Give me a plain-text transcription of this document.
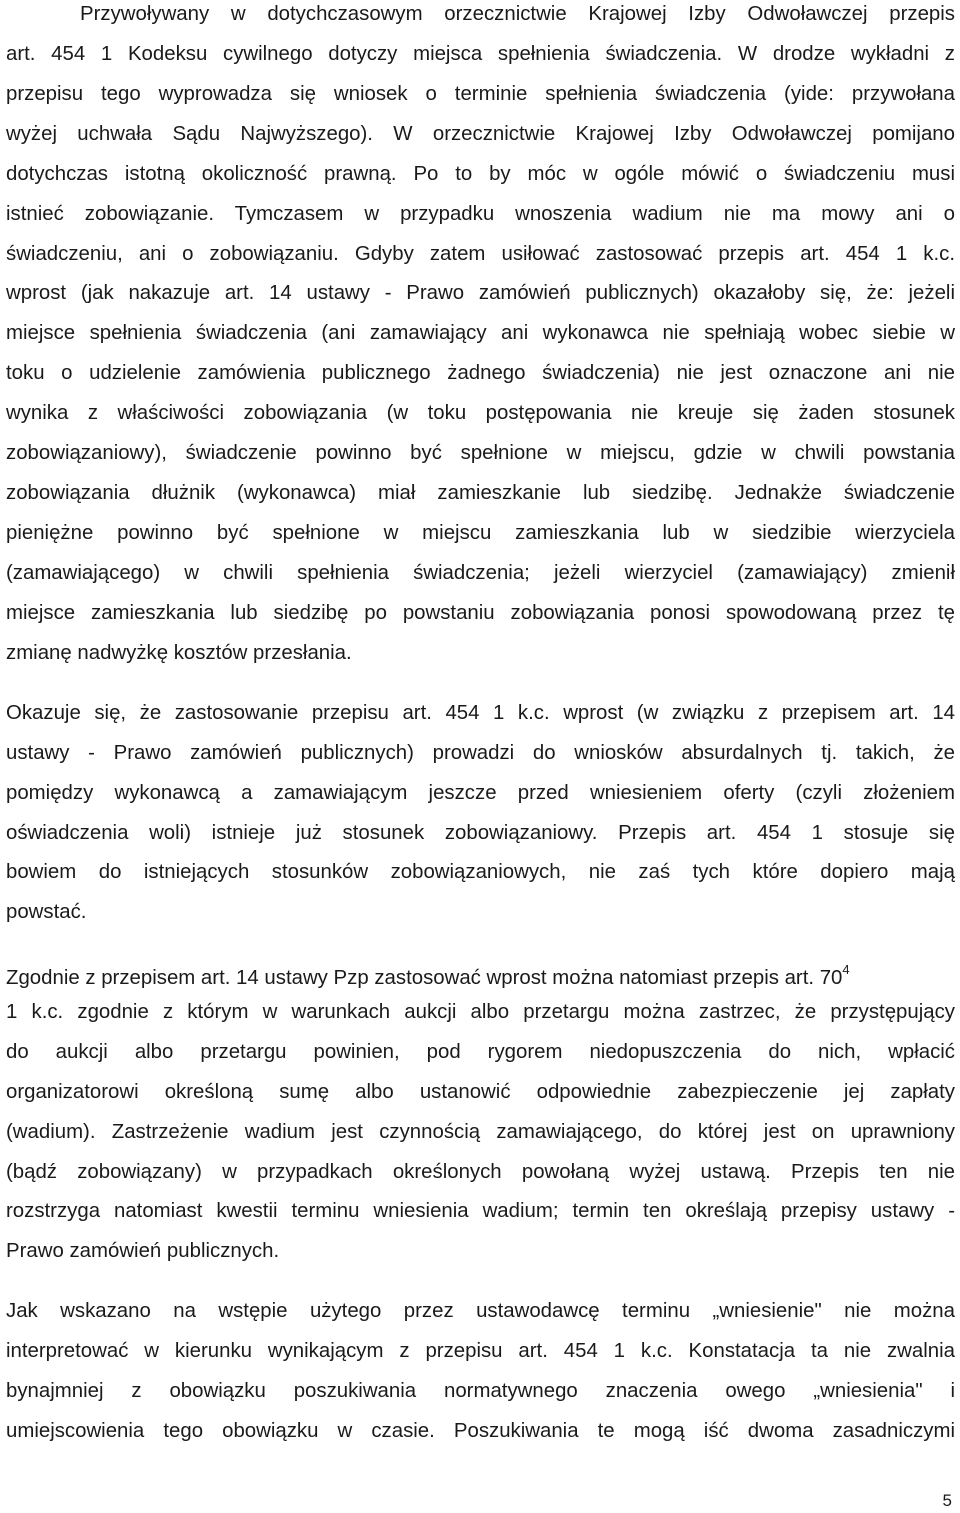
Przywoływany w dotychczasowym orzecznictwie Krajowej Izby Odwoławczej przepis
art. 454 1 Kodeksu cywilnego dotyczy miejsca spełnienia świadczenia. W drodze wykładni z
przepisu tego wyprowadza się wniosek o terminie spełnienia świadczenia (yide: przywołana
wyżej uchwała Sądu Najwyższego). W orzecznictwie Krajowej Izby Odwoławczej pomijano
dotychczas istotną okoliczność prawną. Po to by móc w ogóle mówić o świadczeniu musi
istnieć zobowiązanie. Tymczasem w przypadku wnoszenia wadium nie ma mowy ani o
świadczeniu, ani o zobowiązaniu. Gdyby zatem usiłować zastosować przepis art. 454 1 k.c.
wprost (jak nakazuje art. 14 ustawy - Prawo zamówień publicznych) okazałoby się, że: jeżeli
miejsce spełnienia świadczenia (ani zamawiający ani wykonawca nie spełniają wobec siebie w
toku o udzielenie zamówienia publicznego żadnego świadczenia) nie jest oznaczone ani nie
wynika z właściwości zobowiązania (w toku postępowania nie kreuje się żaden stosunek
zobowiązaniowy), świadczenie powinno być spełnione w miejscu, gdzie w chwili powstania
zobowiązania dłużnik (wykonawca) miał zamieszkanie lub siedzibę. Jednakże świadczenie
pieniężne powinno być spełnione w miejscu zamieszkania lub w siedzibie wierzyciela
(zamawiającego) w chwili spełnienia świadczenia; jeżeli wierzyciel (zamawiający) zmienił
miejsce zamieszkania lub siedzibę po powstaniu zobowiązania ponosi spowodowaną przez tę
zmianę nadwyżkę kosztów przesłania.
Okazuje się, że zastosowanie przepisu art. 454 1 k.c. wprost (w związku z przepisem art. 14
ustawy - Prawo zamówień publicznych) prowadzi do wniosków absurdalnych tj. takich, że
pomiędzy wykonawcą a zamawiającym jeszcze przed wniesieniem oferty (czyli złożeniem
oświadczenia woli) istnieje już stosunek zobowiązaniowy. Przepis art. 454 1 stosuje się
bowiem do istniejących stosunków zobowiązaniowych, nie zaś tych które dopiero mają
powstać.
Zgodnie z przepisem art. 14 ustawy Pzp zastosować wprost można natomiast przepis art. $70^4$
1 k.c. zgodnie z którym w warunkach aukcji albo przetargu można zastrzec, że przystępujący
do aukcji albo przetargu powinien, pod rygorem niedopuszczenia do nich, wpłacić
organizatorowi określoną sumę albo ustanowić odpowiednie zabezpieczenie jej zapłaty
(wadium). Zastrzeżenie wadium jest czynnością zamawiającego, do której jest on uprawniony
(bądź zobowiązany) w przypadkach określonych powołaną wyżej ustawą. Przepis ten nie
rozstrzyga natomiast kwestii terminu wniesienia wadium; termin ten określają przepisy ustawy -
Prawo zamówień publicznych.
Jak wskazano na wstępie użytego przez ustawodawcę terminu „wniesienie" nie można
interpretować w kierunku wynikającym z przepisu art. 454 1 k.c. Konstatacja ta nie zwalnia
bynajmniej z obowiązku poszukiwania normatywnego znaczenia owego „wniesienia" i
umiejscowienia tego obowiązku w czasie. Poszukiwania te mogą iść dwoma zasadniczymi
5
